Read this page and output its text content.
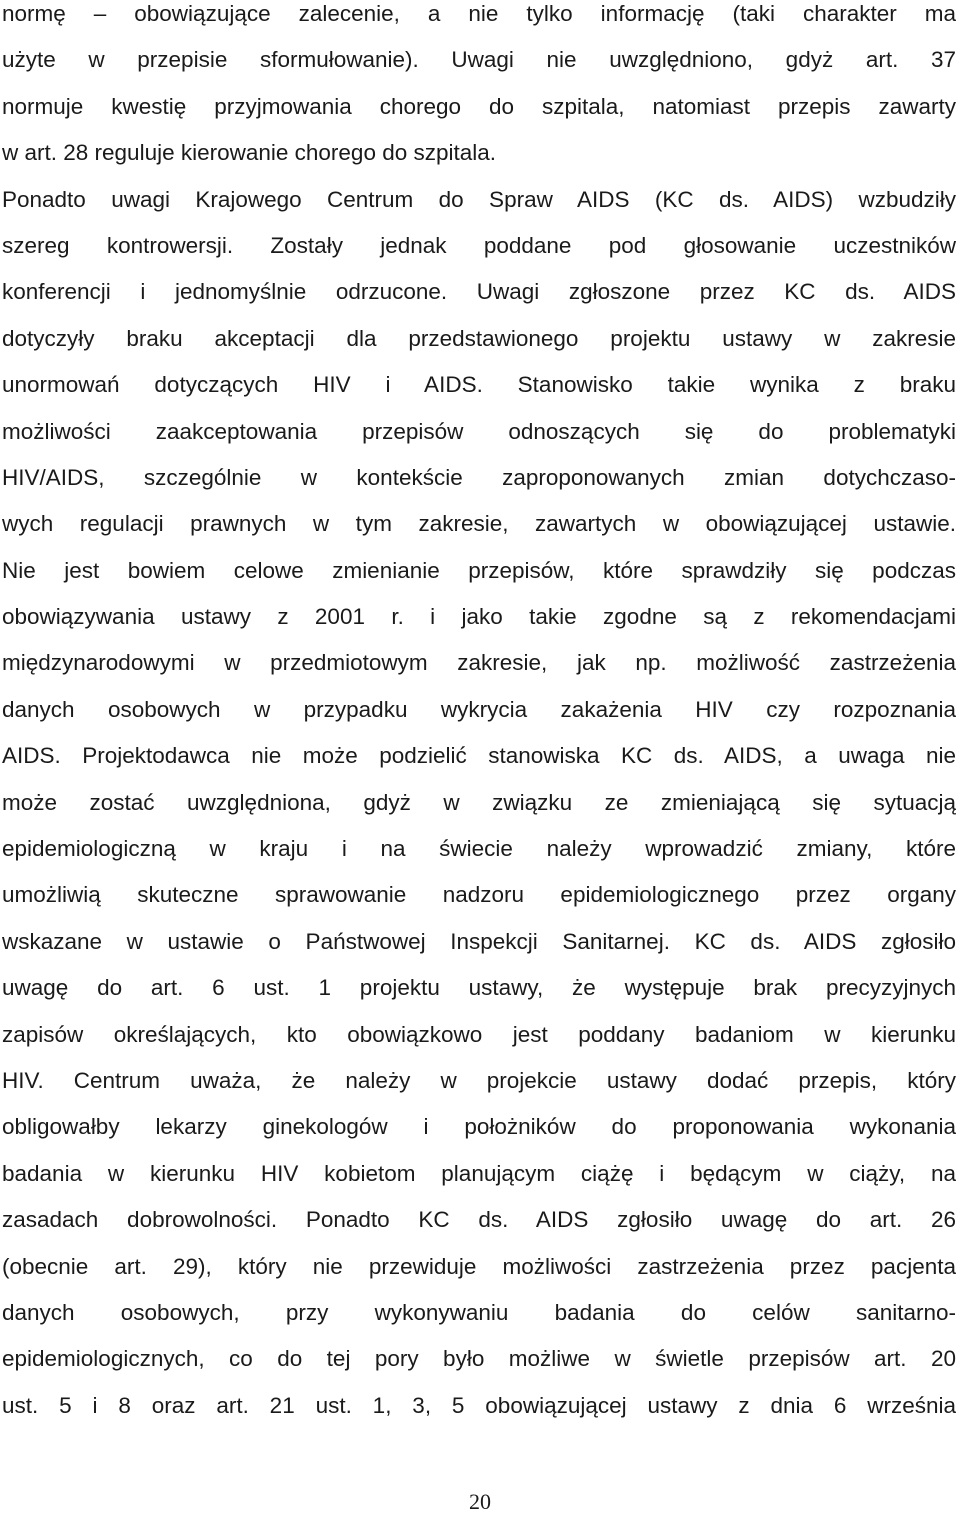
normę – obowiązujące zalecenie, a nie tylko informację (taki charakter ma
użyte w przepisie sformułowanie). Uwagi nie uwzględniono, gdyż art. 37
normuje kwestię przyjmowania chorego do szpitala, natomiast przepis zawarty
w art. 28 reguluje kierowanie chorego do szpitala.
Ponadto uwagi Krajowego Centrum do Spraw AIDS (KC ds. AIDS) wzbudziły
szereg kontrowersji. Zostały jednak poddane pod głosowanie uczestników
konferencji i jednomyślnie odrzucone. Uwagi zgłoszone przez KC ds. AIDS
dotyczyły braku akceptacji dla przedstawionego projektu ustawy w zakresie
unormowań dotyczących HIV i AIDS. Stanowisko takie wynika z braku
możliwości zaakceptowania przepisów odnoszących się do problematyki
HIV/AIDS, szczególnie w kontekście zaproponowanych zmian dotychczaso-
wych regulacji prawnych w tym zakresie, zawartych w obowiązującej ustawie.
Nie jest bowiem celowe zmienianie przepisów, które sprawdziły się podczas
obowiązywania ustawy z 2001 r. i jako takie zgodne są z rekomendacjami
międzynarodowymi w przedmiotowym zakresie, jak np. możliwość zastrzeżenia
danych osobowych w przypadku wykrycia zakażenia HIV czy rozpoznania
AIDS. Projektodawca nie może podzielić stanowiska KC ds. AIDS, a uwaga nie
może zostać uwzględniona, gdyż w związku ze zmieniającą się sytuacją
epidemiologiczną w kraju i na świecie należy wprowadzić zmiany, które
umożliwią skuteczne sprawowanie nadzoru epidemiologicznego przez organy
wskazane w ustawie o Państwowej Inspekcji Sanitarnej. KC ds. AIDS zgłosiło
uwagę do art. 6 ust. 1 projektu ustawy, że występuje brak precyzyjnych
zapisów określających, kto obowiązkowo jest poddany badaniom w kierunku
HIV. Centrum uważa, że należy w projekcie ustawy dodać przepis, który
obligowałby lekarzy ginekologów i położników do proponowania wykonania
badania w kierunku HIV kobietom planującym ciążę i będącym w ciąży, na
zasadach dobrowolności. Ponadto KC ds. AIDS zgłosiło uwagę do art. 26
(obecnie art. 29), który nie przewiduje możliwości zastrzeżenia przez pacjenta
danych osobowych, przy wykonywaniu badania do celów sanitarno-
epidemiologicznych, co do tej pory było możliwe w świetle przepisów art. 20
ust. 5 i 8 oraz art. 21 ust. 1, 3, 5 obowiązującej ustawy z dnia 6 września
20
